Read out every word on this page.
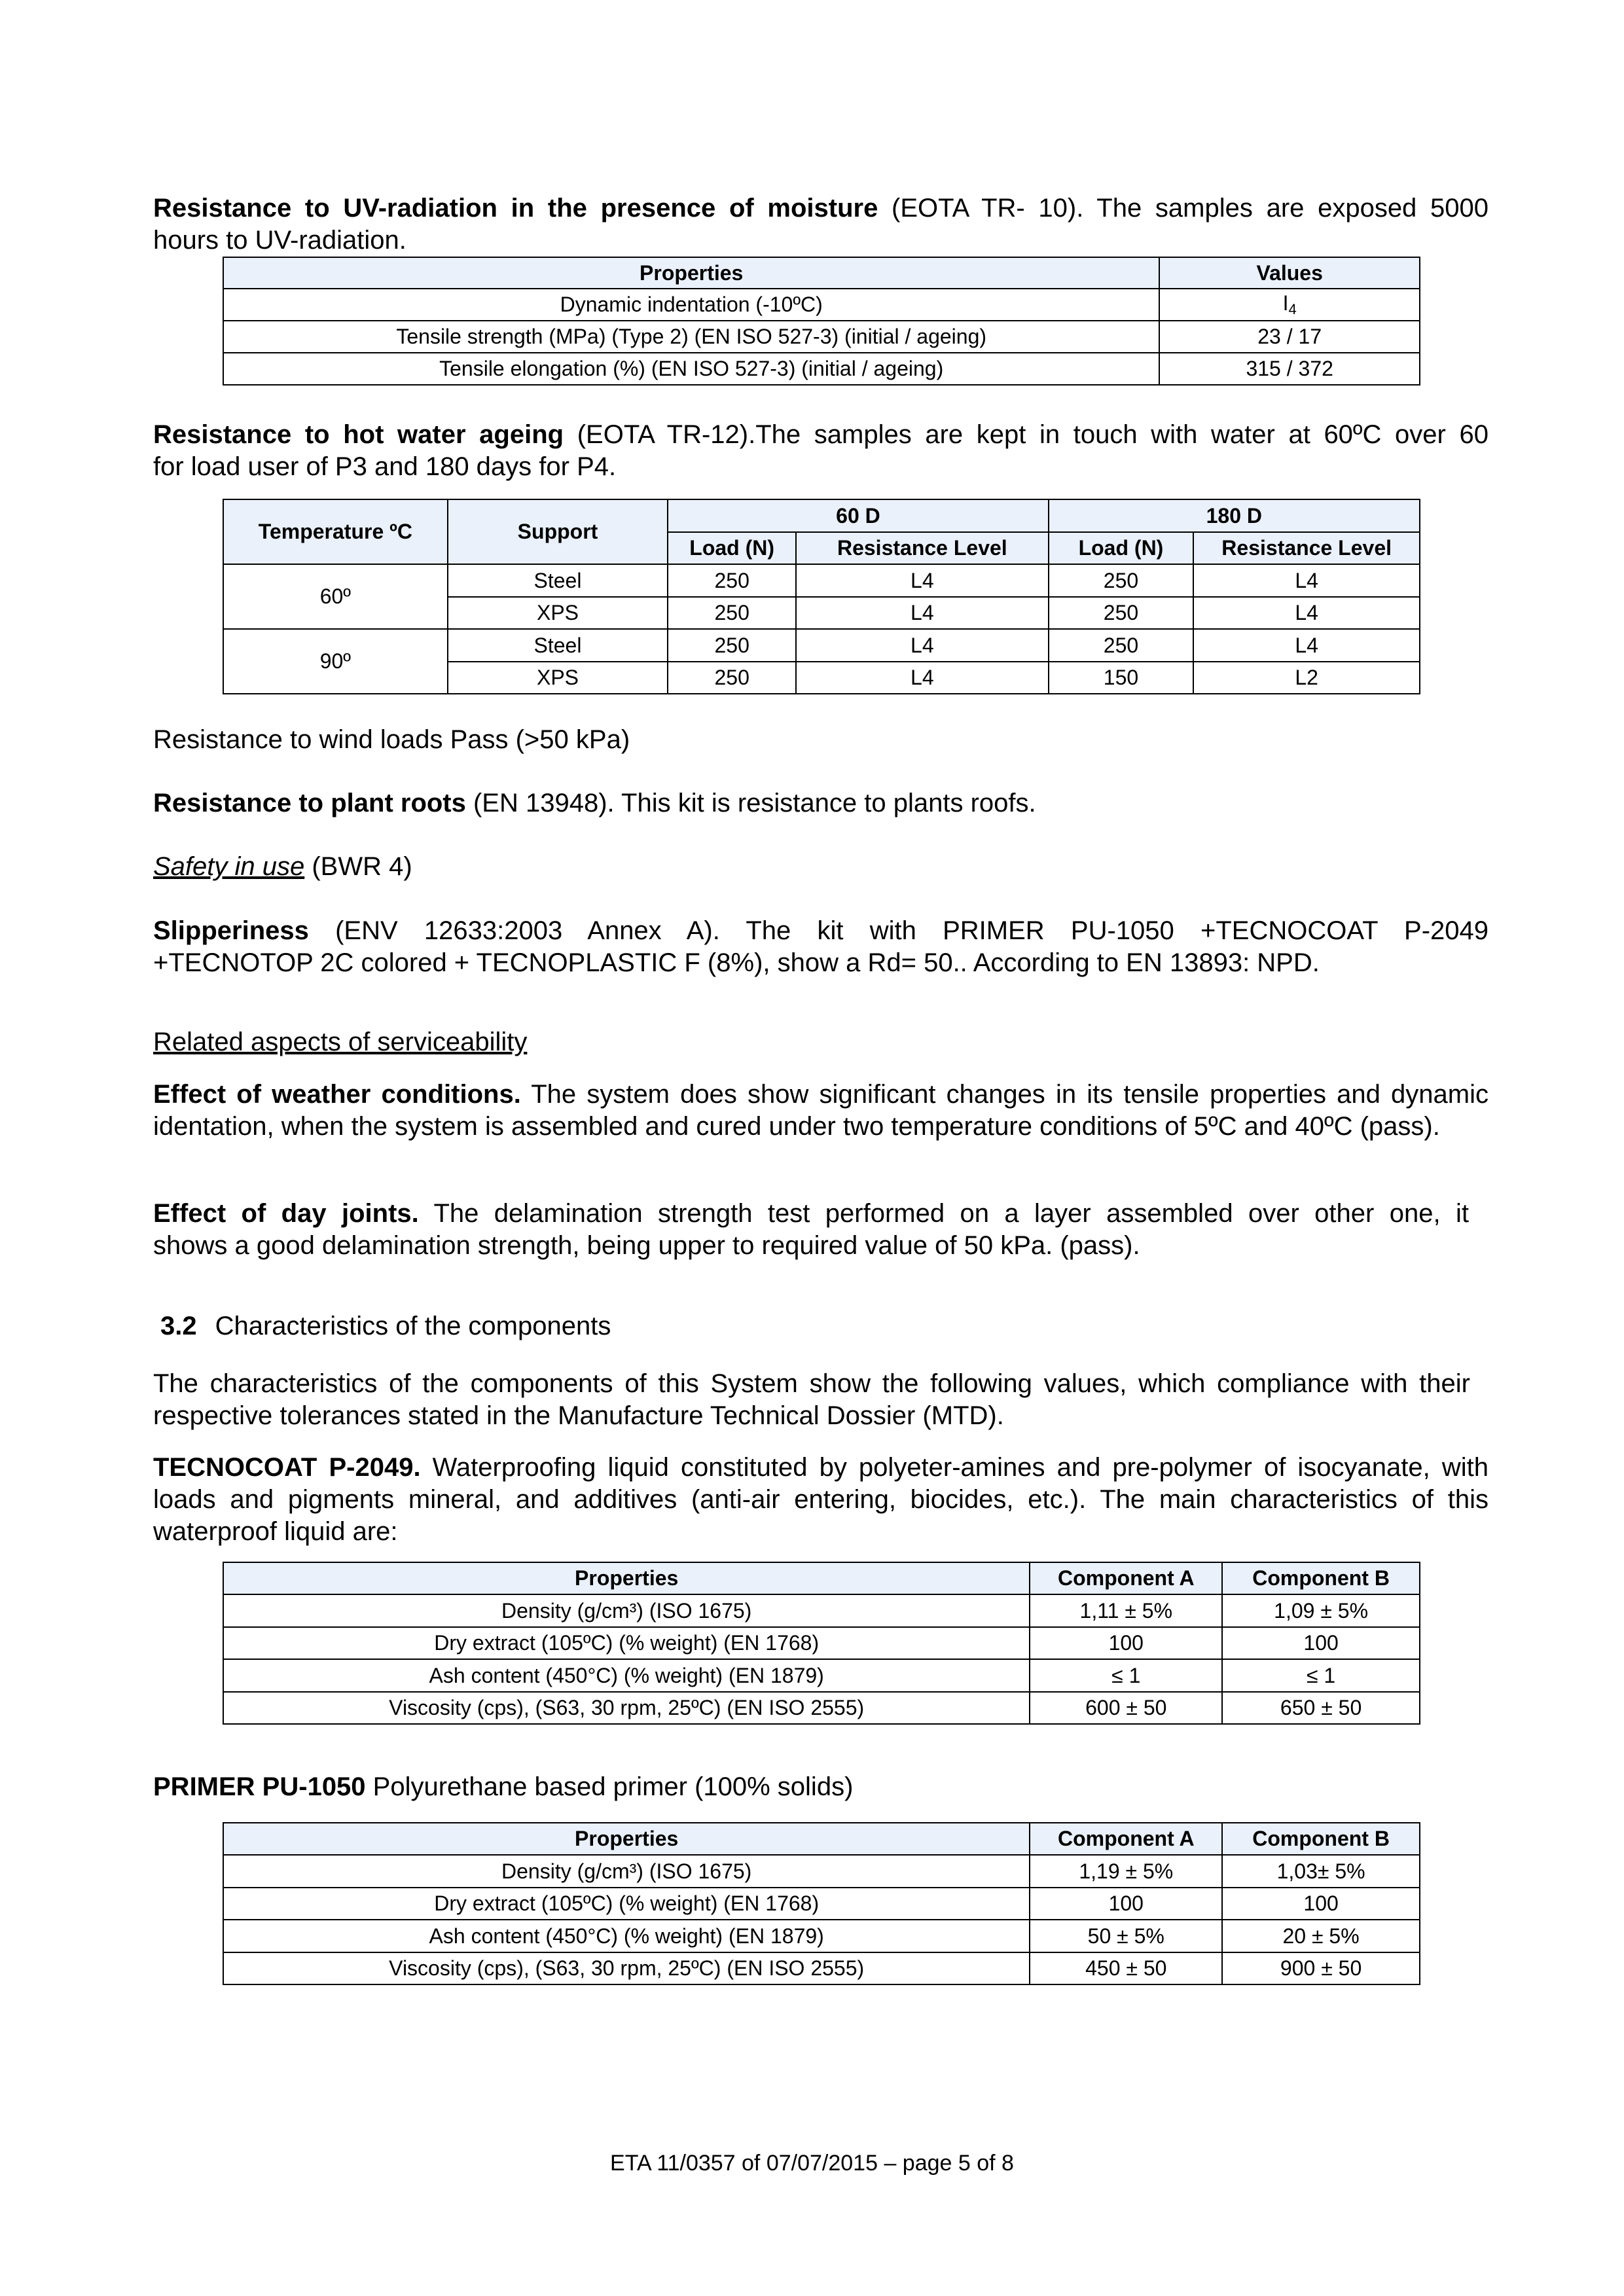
Resistance to UV-radiation in the presence of moisture (EOTA TR- 10). The samples are exposed 5000
hours to UV-radiation.

Properties	Values
Dynamic indentation (-10ºC)	$I_4$
Tensile strength (MPa) (Type 2) (EN ISO 527-3) (initial / ageing)	23 / 17
Tensile elongation (%) (EN ISO 527-3) (initial / ageing)	315 / 372

Resistance to hot water ageing (EOTA TR-12).The samples are kept in touch with water at 60ºC over 60
for load user of P3 and 180 days for P4.

Temperature ºC	Support	60 D		180 D	
		Load (N)	Resistance Level	Load (N)	Resistance Level
60º	Steel	250	L4	250	L4
	XPS	250	L4	250	L4
90º	Steel	250	L4	250	L4
	XPS	250	L4	150	L2

Resistance to wind loads Pass (>50 kPa)

Resistance to plant roots (EN 13948). This kit is resistance to plants roofs.

Safety in use (BWR 4)

Slipperiness (ENV 12633:2003 Annex A). The kit with PRIMER PU-1050 +TECNOCOAT P-2049
+TECNOTOP 2C colored + TECNOPLASTIC F (8%), show a Rd= 50.. According to EN 13893: NPD.

Related aspects of serviceability

Effect of weather conditions. The system does show significant changes in its tensile properties and dynamic identation, when the system is assembled and cured under two temperature conditions of 5ºC and 40ºC (pass).

Effect of day joints. The delamination strength test performed on a layer assembled over other one, it
shows a good delamination strength, being upper to required value of 50 kPa. (pass).

3.2 Characteristics of the components

The characteristics of the components of this System show the following values, which compliance with their
respective tolerances stated in the Manufacture Technical Dossier (MTD).

TECNOCOAT P-2049. Waterproofing liquid constituted by polyeter-amines and pre-polymer of isocyanate, with loads and pigments mineral, and additives (anti-air entering, biocides, etc.). The main characteristics of this waterproof liquid are:

Properties	Component A	Component B
Density (g/cm³) (ISO 1675)	1,11 ± 5%	1,09 ± 5%
Dry extract (105ºC) (% weight) (EN 1768)	100	100
Ash content (450°C) (% weight) (EN 1879)	≤ 1	≤ 1
Viscosity (cps), (S63, 30 rpm, 25ºC) (EN ISO 2555)	600 ± 50	650 ± 50

PRIMER PU-1050 Polyurethane based primer (100% solids)

Properties	Component A	Component B
Density (g/cm³) (ISO 1675)	1,19 ± 5%	1,03± 5%
Dry extract (105ºC) (% weight) (EN 1768)	100	100
Ash content (450°C) (% weight) (EN 1879)	50 ± 5%	20 ± 5%
Viscosity (cps), (S63, 30 rpm, 25ºC) (EN ISO 2555)	450 ± 50	900 ± 50
ETA 11/0357 of 07/07/2015 – page 5 of 8
